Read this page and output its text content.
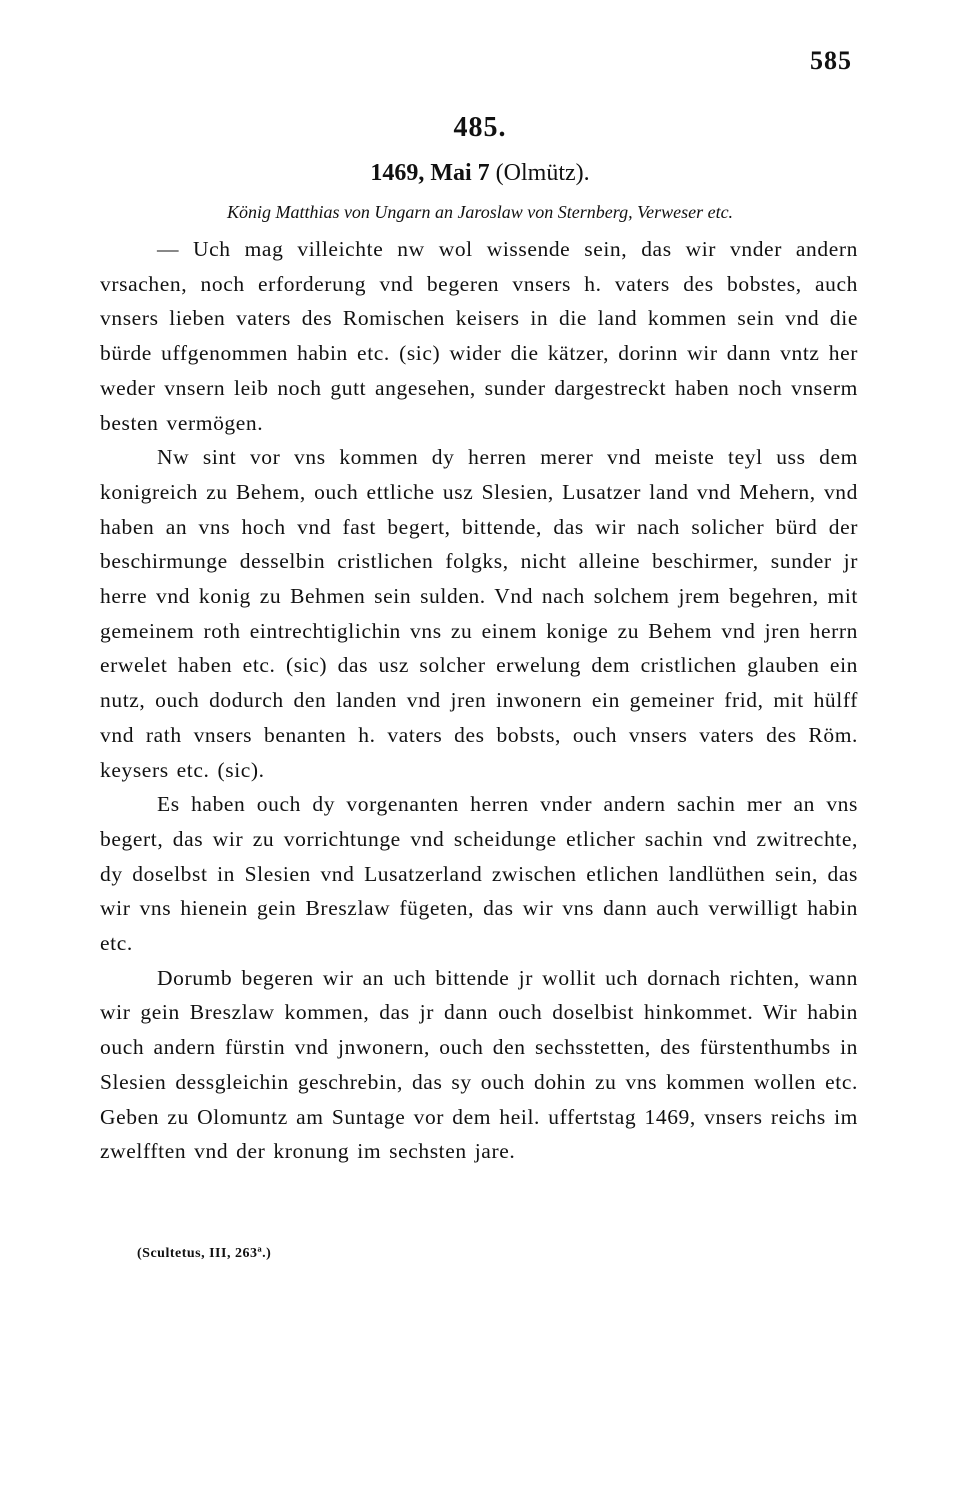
585
485.
1469, Mai 7 (Olmütz).
König Matthias von Ungarn an Jaroslaw von Sternberg, Verweser etc.

— Uch mag villeichte nw wol wissende sein, das wir vnder andern vrsachen, noch erforderung vnd begeren vnsers h. vaters des bobstes, auch vnsers lieben vaters des Romischen keisers in die land kommen sein vnd die bürde uffgenommen habin etc. (sic) wider die kätzer, dorinn wir dann vntz her weder vnsern leib noch gutt angesehen, sunder dargestreckt haben noch vnserm besten vermögen.

Nw sint vor vns kommen dy herren merer vnd meiste teyl uss dem konigreich zu Behem, ouch ettliche usz Slesien, Lusatzer land vnd Mehern, vnd haben an vns hoch vnd fast begert, bittende, das wir nach solicher bürd der beschirmunge desselbin cristlichen folgks, nicht alleine beschirmer, sunder jr herre vnd konig zu Behmen sein sulden. Vnd nach solchem jrem begehren, mit gemeinem roth eintrechtiglichin vns zu einem konige zu Behem vnd jren herrn erwelet haben etc. (sic) das usz solcher erwelung dem cristlichen glauben ein nutz, ouch dodurch den landen vnd jren inwonern ein gemeiner frid, mit hülff vnd rath vnsers benanten h. vaters des bobsts, ouch vnsers vaters des Röm. keysers etc. (sic).

Es haben ouch dy vorgenanten herren vnder andern sachin mer an vns begert, das wir zu vorrichtunge vnd scheidunge etlicher sachin vnd zwitrechte, dy doselbst in Slesien vnd Lusatzerland zwischen etlichen landlüthen sein, das wir vns hienein gein Breszlaw fügeten, das wir vns dann auch verwilligt habin etc.

Dorumb begeren wir an uch bittende jr wollit uch dornach richten, wann wir gein Breszlaw kommen, das jr dann ouch doselbist hinkommet. Wir habin ouch andern fürstin vnd jnwonern, ouch den sechsstetten, des fürstenthumbs in Slesien dessgleichin geschrebin, das sy ouch dohin zu vns kommen wollen etc. Geben zu Olomuntz am Suntage vor dem heil. uffertstag 1469, vnsers reichs im zwelfften vnd der kronung im sechsten jare.

(Scultetus, III, 263ª.)
